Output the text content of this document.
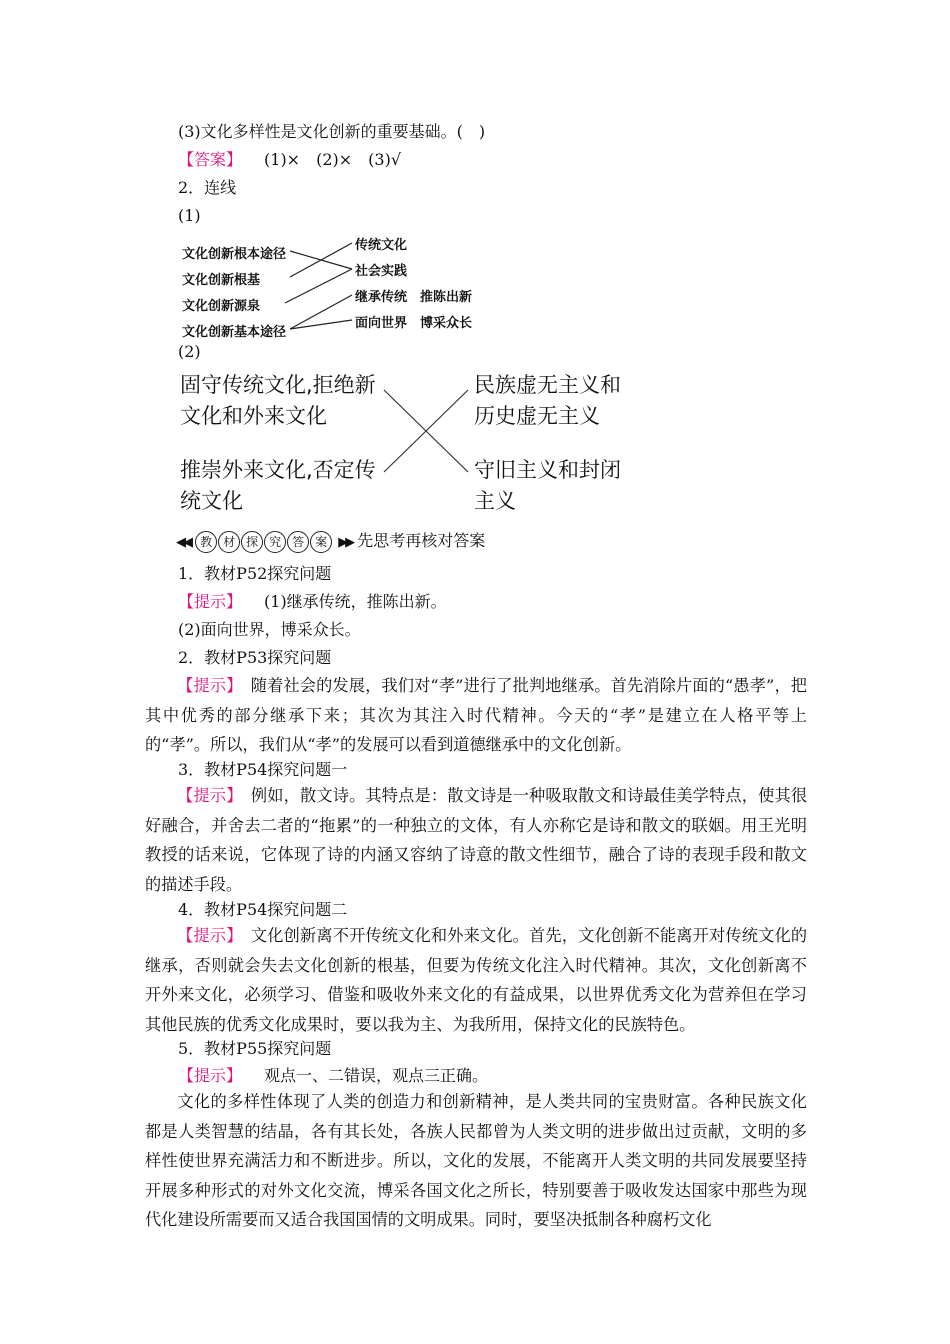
(3)文化多样性是文化创新的重要基础。(　)
【答案】 (1)×　(2)×　(3)√
2．连线
(1)
文化创新根本途径
文化创新根基
文化创新源泉
文化创新基本途径
传统文化
社会实践
继承传统　推陈出新
面向世界　博采众长
(2)
固守传统文化,拒绝新
文化和外来文化
推崇外来文化,否定传
统文化
民族虚无主义和
历史虚无主义
守旧主义和封闭
主义
◀◀ 教 材 探 究 答 案 ▶▶ 先思考再核对答案
1．教材P52探究问题
【提示】 (1)继承传统，推陈出新。
(2)面向世界，博采众长。
2．教材P53探究问题
【提示】　 随着社会的发展，我们对“孝”进行了批判地继承。首先消除片面的“愚孝”，把其中优秀的部分继承下来；其次为其注入时代精神。今天的“孝”是建立在人格平等上的“孝”。所以，我们从“孝”的发展可以看到道德继承中的文化创新。
3．教材P54探究问题一
【提示】　 例如，散文诗。其特点是：散文诗是一种吸取散文和诗最佳美学特点，使其很好融合，并舍去二者的“拖累”的一种独立的文体，有人亦称它是诗和散文的联姻。用王光明教授的话来说，它体现了诗的内涵又容纳了诗意的散文性细节，融合了诗的表现手段和散文的描述手段。
4．教材P54探究问题二
【提示】　 文化创新离不开传统文化和外来文化。首先，文化创新不能离开对传统文化的继承，否则就会失去文化创新的根基，但要为传统文化注入时代精神。其次，文化创新离不开外来文化，必须学习、借鉴和吸收外来文化的有益成果，以世界优秀文化为营养但在学习其他民族的优秀文化成果时，要以我为主、为我所用，保持文化的民族特色。
5．教材P55探究问题
【提示】 观点一、二错误，观点三正确。
文化的多样性体现了人类的创造力和创新精神，是人类共同的宝贵财富。各种民族文化都是人类智慧的结晶，各有其长处，各族人民都曾为人类文明的进步做出过贡献，文明的多样性使世界充满活力和不断进步。所以，文化的发展，不能离开人类文明的共同发展要坚持开展多种形式的对外文化交流，博采各国文化之所长，特别要善于吸收发达国家中那些为现代化建设所需要而又适合我国国情的文明成果。同时，要坚决抵制各种腐朽文化
